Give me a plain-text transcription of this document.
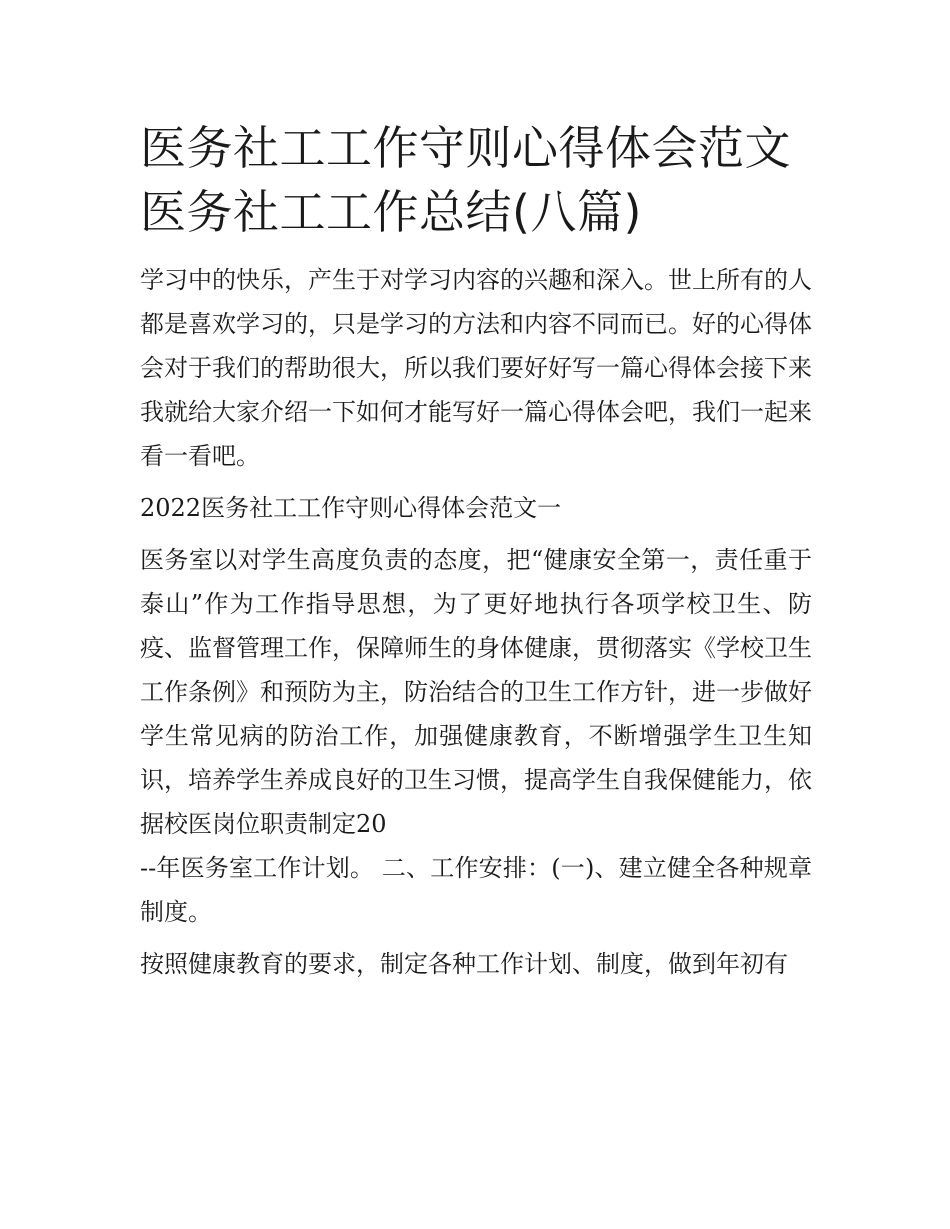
医务社工工作守则心得体会范文 医务社工工作总结(八篇)

学习中的快乐，产生于对学习内容的兴趣和深入。世上所有的人都是喜欢学习的，只是学习的方法和内容不同而已。好的心得体会对于我们的帮助很大，所以我们要好好写一篇心得体会接下来我就给大家介绍一下如何才能写好一篇心得体会吧，我们一起来看一看吧。

2022医务社工工作守则心得体会范文一

医务室以对学生高度负责的态度，把“健康安全第一，责任重于泰山”作为工作指导思想，为了更好地执行各项学校卫生、防疫、监督管理工作，保障师生的身体健康，贯彻落实《学校卫生工作条例》和预防为主，防治结合的卫生工作方针，进一步做好学生常见病的防治工作，加强健康教育，不断增强学生卫生知识，培养学生养成良好的卫生习惯，提高学生自我保健能力，依据校医岗位职责制定20

--年医务室工作计划。 二、工作安排：(一)、建立健全各种规章制度。

按照健康教育的要求，制定各种工作计划、制度，做到年初有
